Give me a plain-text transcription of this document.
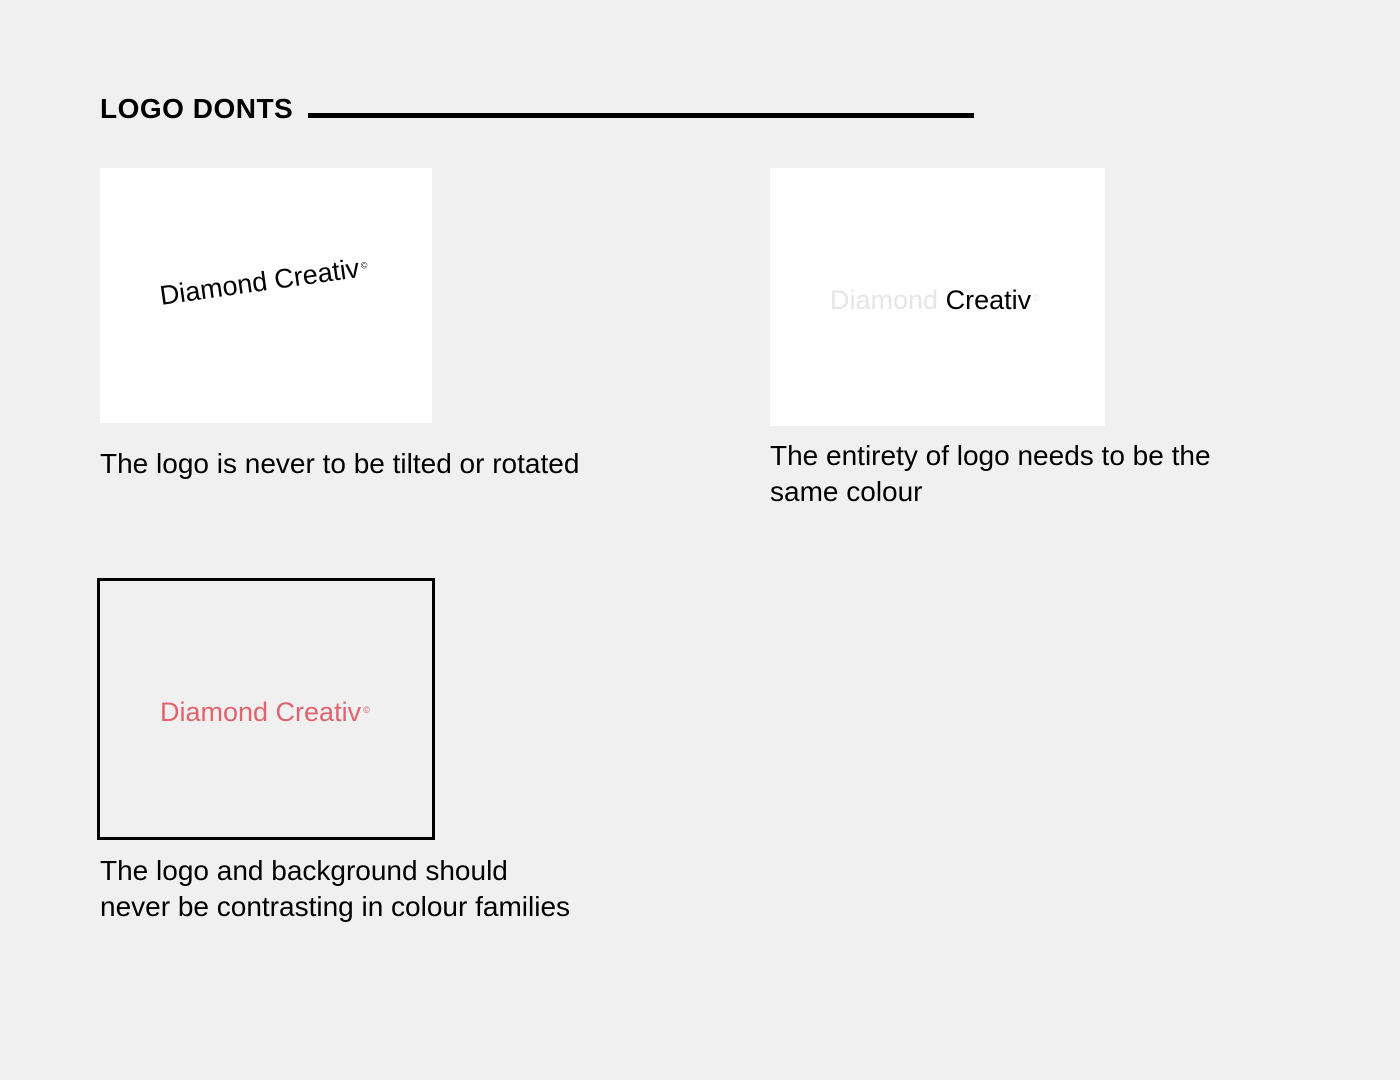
LOGO DONTS
Diamond Creativ©
The logo is never to be tilted or rotated
Diamond Creativ ©
The entirety of logo needs to be the
same colour
Diamond Creativ ©
The logo and background should
never be contrasting in colour families
